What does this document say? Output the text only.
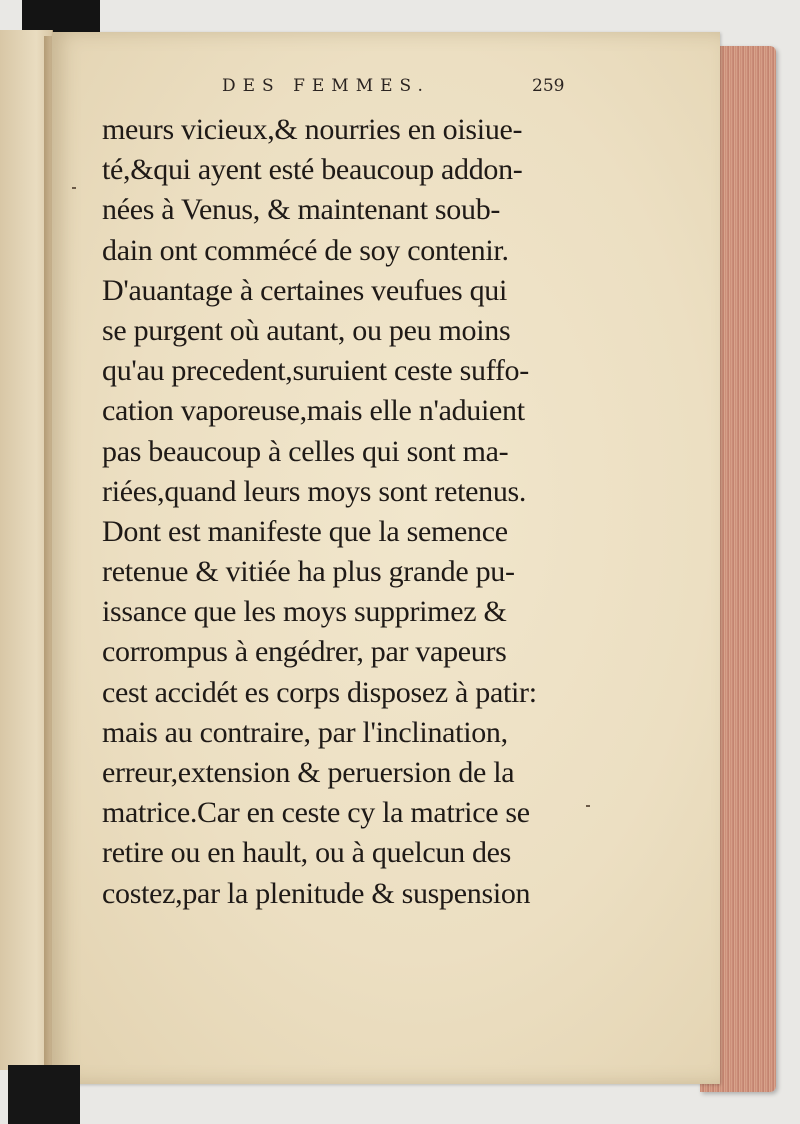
DES FEMMES.	259
meurs vicieux,& nourries en oisiue-
té,&qui ayent esté beaucoup addon-
nées à Venus, & maintenant soub-
dain ont commécé de soy contenir.
D'auantage à certaines veufues qui
se purgent où autant, ou peu moins
qu'au precedent,suruient ceste suffo-
cation vaporeuse,mais elle n'aduient
pas beaucoup à celles qui sont ma-
riées,quand leurs moys sont retenus.
Dont est manifeste que la semence
retenue & vitiée ha plus grande pu-
issance que les moys supprimez &
corrompus à engédrer, par vapeurs
cest accidét es corps disposez à patir:
mais au contraire, par l'inclination,
erreur,extension & peruersion de la
matrice.Car en ceste cy la matrice se
retire ou en hault, ou à quelcun des
costez,par la plenitude & suspension
